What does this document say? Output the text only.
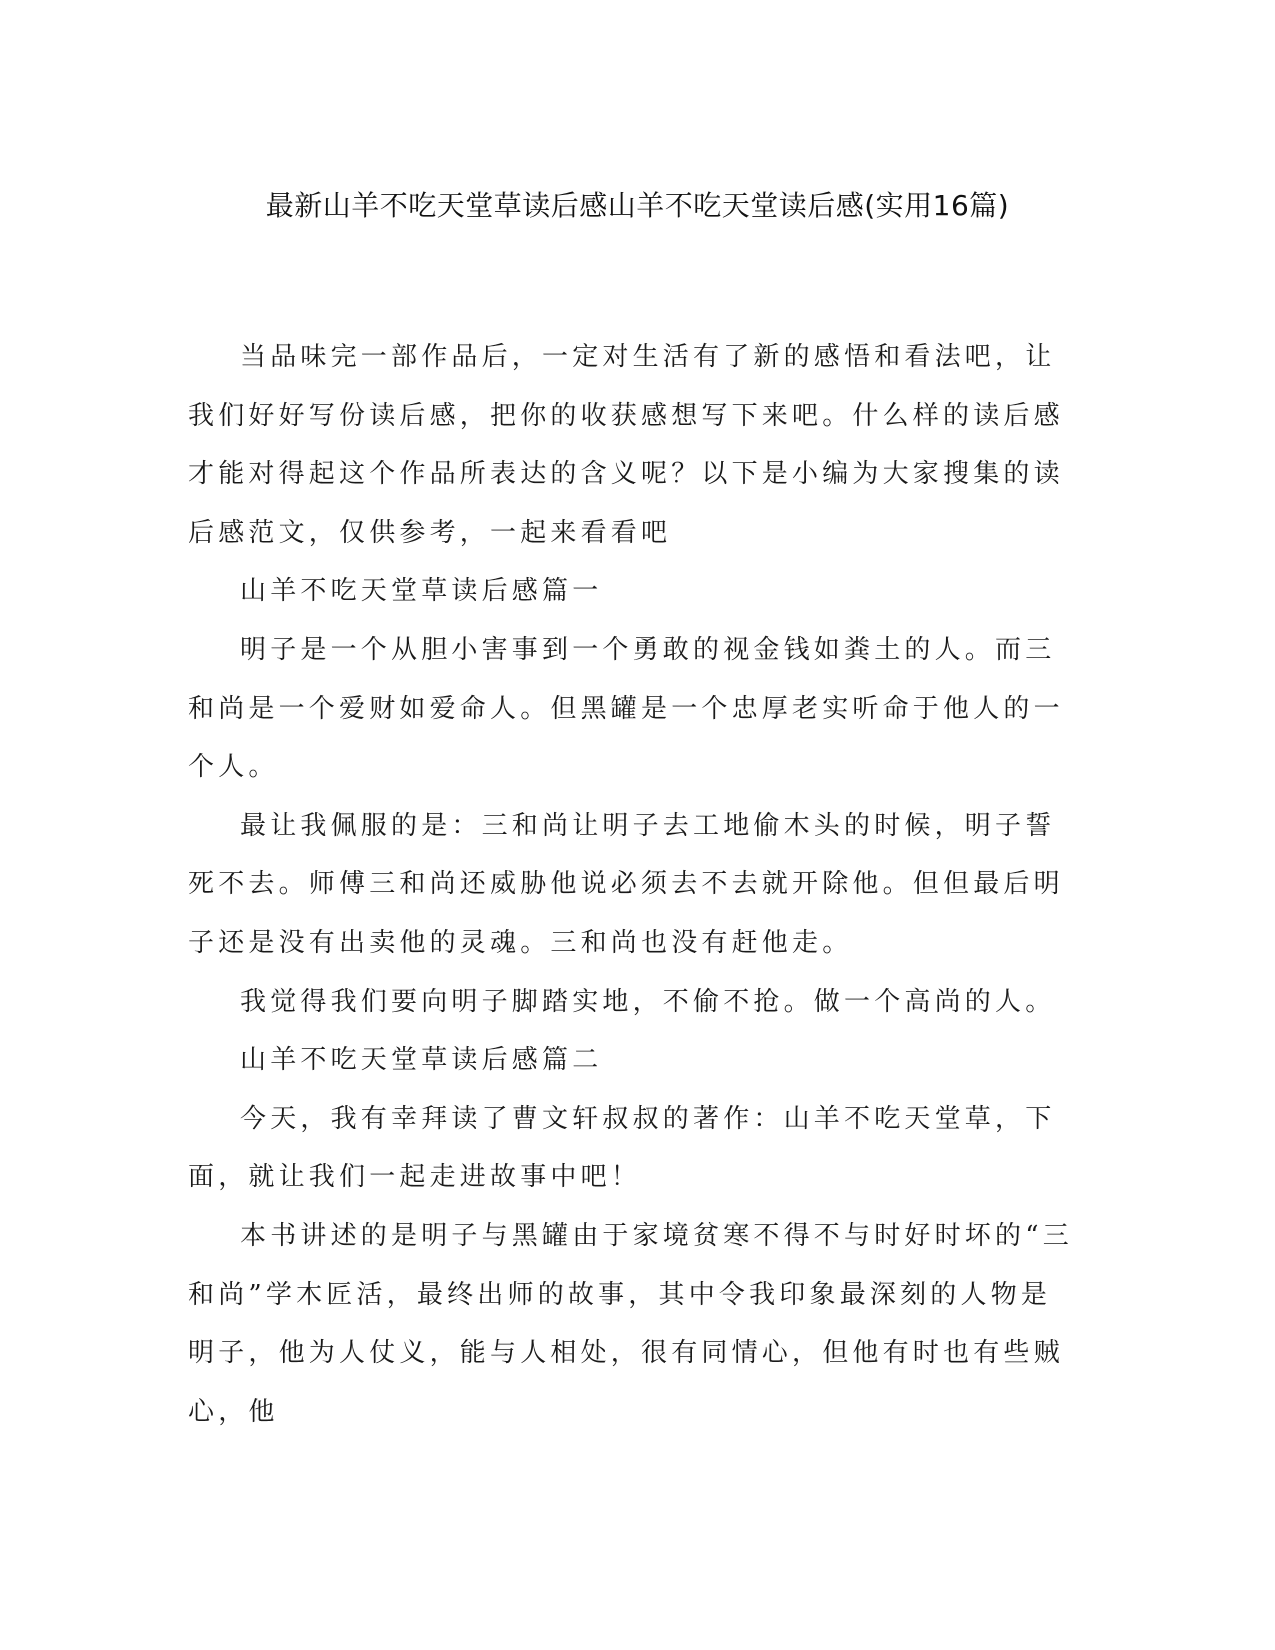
最新山羊不吃天堂草读后感山羊不吃天堂读后感(实用16篇)

当品味完一部作品后，一定对生活有了新的感悟和看法吧，让我们好好写份读后感，把你的收获感想写下来吧。什么样的读后感才能对得起这个作品所表达的含义呢？以下是小编为大家搜集的读后感范文，仅供参考，一起来看看吧

山羊不吃天堂草读后感篇一

明子是一个从胆小害事到一个勇敢的视金钱如粪土的人。而三和尚是一个爱财如爱命人。但黑罐是一个忠厚老实听命于他人的一个人。

最让我佩服的是：三和尚让明子去工地偷木头的时候，明子誓死不去。师傅三和尚还威胁他说必须去不去就开除他。但但最后明子还是没有出卖他的灵魂。三和尚也没有赶他走。

我觉得我们要向明子脚踏实地，不偷不抢。做一个高尚的人。

山羊不吃天堂草读后感篇二

今天，我有幸拜读了曹文轩叔叔的著作：山羊不吃天堂草，下面，就让我们一起走进故事中吧！

本书讲述的是明子与黑罐由于家境贫寒不得不与时好时坏的“三和尚”学木匠活，最终出师的故事，其中令我印象最深刻的人物是明子，他为人仗义，能与人相处，很有同情心，但他有时也有些贼心，他
